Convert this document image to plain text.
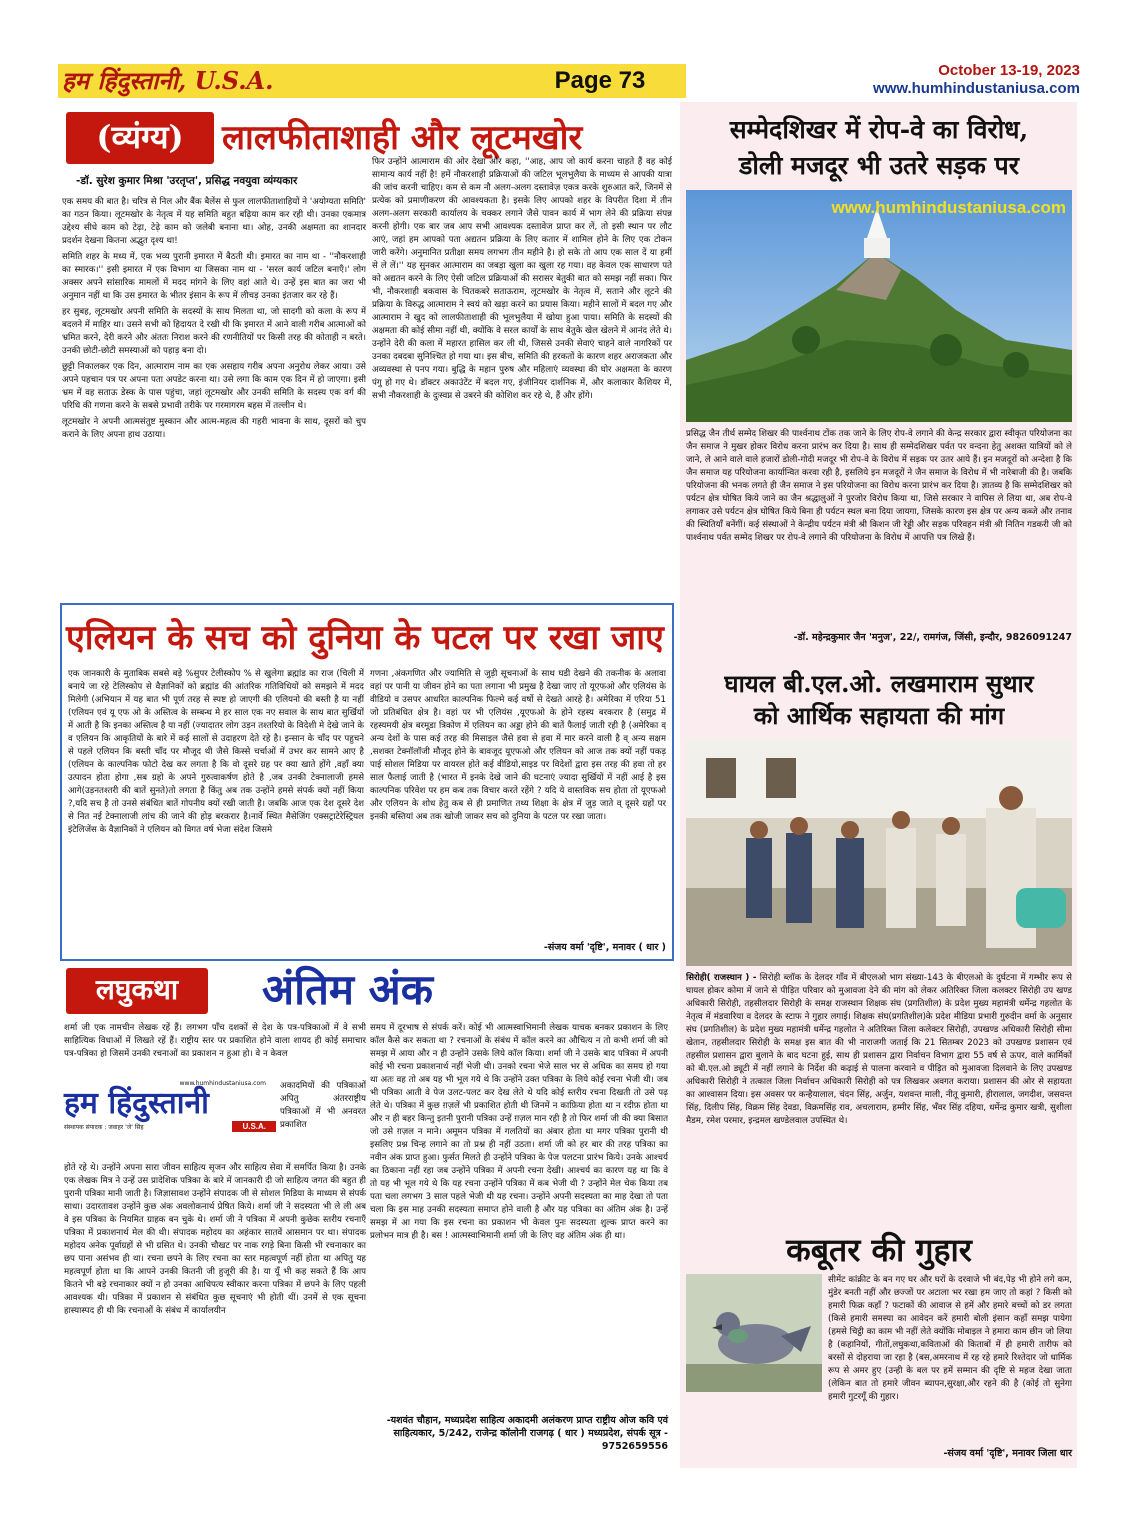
हम हिंदुस्तानी, U.S.A.	Page 73	October 13-19, 2023
www.humhindustaniusa.com
(व्यंग्य)	लालफीताशाही और लूटमखोर
-डॉ. सुरेश कुमार मिश्रा 'उरतृप्त', प्रसिद्ध नवयुवा व्यंग्यकार

एक समय की बात है। चरित्र से निल और बैंक बैलेंस से फुल लालफीताशाहियों ने 'अयोग्यता समिति' का गठन किया। लूटमखोर के नेतृत्व में यह समिति बहुत बढ़िया काम कर रही थी। उनका एकमात्र उद्देश्य सीधे काम को टेढ़ा, टेढ़े काम को जलेबी बनाना था। ओह, उनकी अक्षमता का शानदार प्रदर्शन देखना कितना अद्भुत दृश्य था!

समिति शहर के मध्य में, एक भव्य पुरानी इमारत में बैठती थी। इमारत का नाम था - ''नौकरशाही का स्मारक।'' इसी इमारत में एक विभाग था जिसका नाम था - 'सरल कार्य जटिल बनाएँ।' लोग अक्सर अपने सांसारिक मामलों में मदद मांगने के लिए वहां आते थे। उन्हें इस बात का जरा भी अनुमान नहीं था कि उस इमारत के भीतर इंसान के रूप में लीचड़ उनका इंतजार कर रहे हैं।

हर सुबह, लूटमखोर अपनी समिति के सदस्यों के साथ मिलता था, जो सादगी को कला के रूप में बदलने में माहिर था। उसने सभी को हिदायत दे रखी थी कि इमारत में आने वाली गरीब आत्माओं को भ्रमित करने, देरी करने और अंततः निराश करने की रणनीतियों पर किसी तरह की कोताही न बरते। उनकी छोटी-छोटी समस्याओं को पहाड़ बना दो।

छुट्टी निकालकर एक दिन, आत्माराम नाम का एक असहाय गरीब अपना अनुरोध लेकर आया। उसे अपने पहचान पत्र पर अपना पता अपडेट करना था। उसे लगा कि काम एक दिन में हो जाएगा। इसी भ्रम में वह सताऊ डेस्क के पास पहुंचा, जहां लूटमखोर और उनकी समिति के सदस्य एक वर्ग की परिधि की गणना करने के सबसे प्रभावी तरीके पर गरमागरम बहस में तल्लीन थे।

लूटमखोर ने अपनी आत्मसंतुष्ट मुस्कान और आत्म-महत्व की गहरी भावना के साथ, दूसरों को चुप कराने के लिए अपना हाथ उठाया।

फिर उन्होंने आत्माराम की ओर देखा और कहा, ''आह, आप जो कार्य करना चाहते हैं वह कोई सामान्य कार्य नहीं है! हमें नौकरशाही प्रक्रियाओं की जटिल भूलभुलैया के माध्यम से आपकी यात्रा की जांच करनी चाहिए। कम से कम नौ अलग-अलग दस्तावेज़ एकत्र करके शुरुआत करें, जिनमें से प्रत्येक को प्रमाणीकरण की आवश्यकता है। इसके लिए आपको शहर के विपरीत दिशा में तीन अलग-अलग सरकारी कार्यालय के चक्कर लगाने जैसे पावन कार्य में भाग लेने की प्रक्रिया संपन्न करनी होगी। एक बार जब आप सभी आवश्यक दस्तावेज प्राप्त कर लें, तो इसी स्थान पर लौट आएं, जहां हम आपको पता अद्यतन प्रक्रिया के लिए कतार में शामिल होने के लिए एक टोकन जारी करेंगे। अनुमानित प्रतीक्षा समय लगभग तीन महीने है। हो सके तो आप एक साल दें या हमीं से ले लें।'' यह सुनकर आत्माराम का जबड़ा खुला का खुला रह गया। वह केवल एक साधारण पते को अद्यतन करने के लिए ऐसी जटिल प्रक्रियाओं की सरासर बेतुकी बात को समझ नहीं सका। फिर भी, नौकरशाही बकवास के चितकबरे सताऊराम, लूटमखोर के नेतृत्व में, सताने और लूटने की प्रक्रिया के विरुद्ध आत्माराम ने स्वयं को खड़ा करने का प्रयास किया। महीने सालों में बदल गए और आत्माराम ने खुद को लालफीताशाही की भूलभुलैया में खोया हुआ पाया। समिति के सदस्यों की अक्षमता की कोई सीमा नहीं थी, क्योंकि वे सरल कार्यों के साथ बेतुके खेल खेलने में आनंद लेते थे। उन्होंने देरी की कला में महारत हासिल कर ली थी, जिससे उनकी सेवाएं चाहने वाले नागरिकों पर उनका दबदबा सुनिश्चित हो गया था। इस बीच, समिति की हरकतों के कारण शहर अराजकता और अव्यवस्था से पनप गया। बुद्धि के महान पुरुष और महिलाएं व्यवस्था की घोर अक्षमता के कारण पंगु हो गए थे। डॉक्टर अकाउंटेंट में बदल गए, इंजीनियर दार्शनिक में, और कलाकार कैशियर में, सभी नौकरशाही के दुःस्वप्न से उबरने की कोशिश कर रहे थे, हैं और होंगे।

एलियन के सच को दुनिया के पटल पर रखा जाए
एक जानकारी के मुताबिक सबसे बड़े %सुपर टेलीस्कोप % से खुलेगा ब्रह्मांड का राज (चिली में बनाये जा रहे टेलिस्कोप से वैज्ञानिकों को ब्रह्मांड की आंतरिक गतिविधियों को समझने में मदद मिलेगी (अभियान में यह बात भी पूर्ण तरह से स्पष्ट हो जाएगी की एलियनो की बस्ती है या नहीं (एलियन एवं यू एफ ओ के अस्तित्व के सम्बन्ध मे हर साल एक नए सवाल के साथ बात सुर्खियों में आती है कि इनका अस्तित्व है या नहीं (ज्यादातर लोग उड़न तश्तरियो के विदेशी मे देखे जाने के व एलियन कि आकृतियों के बारे में कई सालों से उदाहरण देते रहे है। इन्सान के चाँद पर पहुचने से पहले एलियन कि बस्ती चाँद पर मौजूद थी जैसे किस्से चर्चाओं में उभर कर सामने आए है (एलियन के काल्पनिक फोटो देख कर लगता है कि वो दूसरे ग्रह पर क्या खाते होंगे ,वहाँ क्या उत्पादन होता होगा ,सब ग्रहो के अपने गुरुत्वाकर्षण होते है ,जब उनकी टेक्नालाजी हमसे आगे(उड़नतश्तरी की बातें सुनते)तो लगता है किंतु अब तक उन्होंने हमसे संपर्क क्यों नहीं किया ?,यदि सच है तो उनसे संबंधित बातें गोपनीय क्यों रखी जाती है। जबकि आज एक देश दूसरे देश से नित नई टेक्नालाजी लांच की जाने की होड़ बरकरार है।नार्वे स्थित मैसेजिंग एक्सट्राटेरेस्ट्रियल इंटेलिजेंस के वैज्ञानिकों ने एलियन को विगत वर्ष भेजा संदेश जिसमे
गणना ,अंकगणित और ज्यामिति से जुड़ी सूचनाओं के साथ घडी देखने की तकनीक के अलावा वहां पर पानी या जीवन होने का पता लगाना भी प्रमुख है देखा जाए तो यूएफओ और एलियंस के वीडियो व उसपर आधरित काल्पनिक फिल्मे कई वर्षो से देखते आरहे है। अमेरिका में एरिया 51 जो प्रतिबंधित क्षेत्र है। वहां पर भी एलियंस ,यूएफओ के होने रहस्य बरकरार है (समुद्र में रहस्यमयी क्षेत्र बरमूडा त्रिकोण में एलियन का अड्डा होने की बातें फैलाई जाती रही है (अमेरिका व् अन्य देशों के पास कई तरह की मिसाइल जैसे हवा से हवा में मार करने वाली है व् अन्य सक्षम ,सशक्त टेक्नॉलॉजी मौजूद होने के बावजूद यूएफओ और एलियन को आज तक क्यों नहीं पकड़ पाई सोशल मिडिया पर वायरल होते कई वीडियो,साइड पर विदेशों द्वारा इस तरह की हवा तो हर साल फैलाई जाती है (भारत में इनके देखे जाने की घटनाएं ज्यादा सुर्खियों में नहीं आई है इस काल्पनिक परिवेश पर हम कब तक विचार करते रहेंगे ? यदि ये वास्तविक सच होता तो यूएफओ और एलियन के शोध हेतु कब से ही प्रमाणित तथ्य शिक्षा के क्षेत्र में जुड़ जाते व् दूसरे ग्रहों पर इनकी बस्तियां अब तक खोजी जाकर सच को दुनिया के पटल पर रखा जाता।
-संजय वर्मा 'दृष्टि', मनावर ( धार )
लघुकथा	अंतिम अंक
शर्मा जी एक नामचीन लेखक रहें हैं। लगभग पाँच दशकों से देश के पत्र-पत्रिकाओं में वे सभी साहित्यिक विधाओं में लिखते रहें हैं। राष्ट्रीय स्तर पर प्रकाशित होने वाला शायद ही कोई समाचार पत्र-पत्रिका हो जिसमें उनकी रचनाओं का प्रकाशन न हुआ हो। वे न केवल
www.humhindustaniusa.com
हम हिंदुस्तानी
संस्थापक संपादक : जवाहर 'जे' सिंह	U.S.A.
अकादमियों की पत्रिकाओं अपितु अंतरराष्ट्रीय पत्रिकाओं में भी अनवरत प्रकाशित
होते रहे थे। उन्होंने अपना सारा जीवन साहित्य सृजन और साहित्य सेवा में समर्पित किया है। उनके एक लेखक मित्र ने उन्हें उस प्रादेशिक पत्रिका के बारे में जानकारी दी जो साहित्य जगत की बहुत ही पुरानी पत्रिका मानी जाती है। जिज्ञासावश उन्होंने संपादक जी से सोशल मिडिया के माध्यम से संपर्क साधा। उदारतावश उन्होंने कुछ अंक अवलोकनार्थ प्रेषित किये। शर्मा जी ने सदस्यता भी ले ली अब वे इस पत्रिका के नियमित ग्राहक बन चुके थे। शर्मा जी ने पत्रिका में अपनी कुछेक स्तरीय रचनाएँ पत्रिका में प्रकाशनार्थ मेल की थी। संपादक महोदय का अहंकार सातवें आसमान पर था। संपादक महोदय अनेक पूर्वाग्रहों से भी ग्रसित थे। उनकी चौखट पर नाक रगड़े बिना किसी भी रचनाकार का छप पाना असंभव ही था। रचना छपने के लिए रचना का स्तर महत्वपूर्ण नहीं होता था अपितु यह महत्वपूर्ण होता था कि आपने उनकी कितनी जी हुजूरी की है। या यूँ भी कह सकते हैं कि आप कितने भी बड़े रचनाकार क्यों न हो उनका आधिपत्य स्वीकार करना पत्रिका में छपने के लिए पहली आवश्यक थी। पत्रिका में प्रकाशन से संबंधित कुछ सूचनाएं भी होती थीं। उनमें से एक सूचना हास्यास्पद ही थी कि रचनाओं के संबंध में कार्यालयीन
समय में दूरभाष से संपर्क करें। कोई भी आत्मस्वाभिमानी लेखक याचक बनकर प्रकाशन के लिए कॉल कैसे कर सकता था ? रचनाओं के संबंध में कॉल करने का औचित्य न तो कभी शर्मा जी को समझ में आया और न ही उन्होंने उसके लिये कॉल किया। शर्मा जी ने उसके बाद पत्रिका में अपनी कोई भी रचना प्रकाशनार्थ नहीं भेजी थी। उनको रचना भेजे साल भर से अधिक का समय हो गया था अतः वह तो अब यह भी भूल गये थे कि उन्होंने उक्त पत्रिका के लिये कोई रचना भेजी थी। जब भी पत्रिका आती वे पेज उलट-पलट कर देख लेते थे यदि कोई स्तरीय रचना दिखती तो उसे पढ़ लेते थे। पत्रिका में कुछ ग़ज़लें भी प्रकाशित होती थी जिनमें न काफ़िया होता था न रदीफ़ होता था और न ही बहर किन्तु इतनी पुरानी पत्रिका उन्हें ग़ज़ल मान रही है तो फिर शर्मा जी की क्या बिसात जो उसे ग़ज़ल न माने। अमूमन पत्रिका में गलतियों का अंबार होता था मगर पत्रिका पुरानी थी इसलिए प्रश्न चिन्ह लगाने का तो प्रश्न ही नहीं उठता। शर्मा जी को हर बार की तरह पत्रिका का नवीन अंक प्राप्त हुआ। फुर्सत मिलते ही उन्होंने पत्रिका के पेज पलटना प्रारंभ किये। उनके आश्चर्य का ठिकाना नहीं रहा जब उन्होंने पत्रिका में अपनी रचना देखी। आश्चर्य का कारण यह था कि वे तो यह भी भूल गये थे कि यह रचना उन्होंने पत्रिका में कब भेजी थी ? उन्होंने मेल चेक किया तब पता चला लगभग 3 साल पहले भेजी थी यह रचना। उन्होंने अपनी सदस्यता का माह देखा तो पता चला कि इस माह उनकी सदस्यता समाप्त होने वाली है और यह पत्रिका का अंतिम अंक है। उन्हें समझ में आ गया कि इस रचना का प्रकाशन भी केवल पुनः सदस्यता शुल्क प्राप्त करने का प्रलोभन मात्र ही है। बस ! आत्मस्वाभिमानी शर्मा जी के लिए वह अंतिम अंक ही था।
-यशवंत चौहान, मध्यप्रदेश साहित्य अकादमी अलंकरण प्राप्त राष्ट्रीय ओज कवि एवं साहित्यकार, 5/242, राजेन्द्र कॉलोनी राजगढ़ ( धार ) मध्यप्रदेश, संपर्क सूत्र - 9752659556
सम्मेदशिखर में रोप-वे का विरोध,
डोली मजदूर भी उतरे सड़क पर
www.humhindustaniusa.com
प्रसिद्ध जैन तीर्थ सम्मेद शिखर की पार्श्वनाथ टोंक तक जाने के लिए रोप-वे लगाने की केन्द्र सरकार द्वारा स्वीकृत परियोजना का जैन समाज ने मुखर होकर विरोध करना प्रारंभ कर दिया है। साथ ही सम्मेदशिखर पर्वत पर वन्दना हेतु अशक्त यात्रियों को ले जाने, ले आने वाले वाले हजारों डोली-गोदी मजदूर भी रोप-वे के विरोध में सड़क पर उतर आये हैं। इन मजदूरों को अन्देशा है कि जैन समाज यह परियोजना कार्यान्वित करवा रही है, इसलिये इन मजदूरों ने जैन समाज के विरोध में भी नारेबाजी की है। जबकि परियोजना की भनक लगते ही जैन समाज ने इस परियोजना का विरोध करना प्रारंभ कर दिया है। ज्ञातव्य है कि सम्मेदशिखर को पर्यटन क्षेत्र घोषित किये जाने का जैन श्रद्धालुओं ने पुरजोर विरोध किया था, जिसे सरकार ने वापिस ले लिया था, अब रोप-वे लगाकर उसे पर्यटन क्षेत्र घोषित किये बिना ही पर्यटन स्थल बना दिया जायगा, जिसके कारण इस क्षेत्र पर अन्य कब्जे और तनाव की स्थितियाँ बनेंगीं। कई संस्थाओं ने केन्द्रीय पर्यटन मंत्री श्री किशन जी रेड्डी और सड़क परिवहन मंत्री श्री नितिन गडकरी जी को पार्श्वनाथ पर्वत सम्मेद शिखर पर रोप-वे लगाने की परियोजना के विरोध में आपत्ति पत्र लिखे हैं।
-डॉ. महेन्द्रकुमार जैन 'मनुज', 22/, रामगंज, जिंसी, इन्दौर, 9826091247
घायल बी.एल.ओ. लखमाराम सुथार
को आर्थिक सहायता की मांग
सिरोही( राजस्थान ) - सिरोही ब्लॉक के देलदर गाँव में बीएलओ भाग संख्या-143 के बीएलओ के दुर्घटना में गम्भीर रूप से घायल होकर कोमा में जाने से पीड़ित परिवार को मुआवजा देने की मांग को लेकर अतिरिक्त जिला कलक्टर सिरोही उप खण्ड अधिकारी सिरोही, तहसीलदार सिरोही के समक्ष राजस्थान शिक्षक संघ (प्रगतिशील) के प्रदेश मुख्य महामंत्री धर्मेन्द्र गहलोत के नेतृत्व में मंडवारिया व देलदर के स्टाफ ने गुहार लगाई। शिक्षक संघ(प्रगतिशील)के प्रदेश मीडिया प्रभारी गुरुदीन वर्मा के अनुसार संघ (प्रगतिशील) के प्रदेश मुख्य महामंत्री धर्मेन्द्र गहलोत ने अतिरिक्त जिला कलेक्टर सिरोही, उपखण्ड अधिकारी सिरोही सीमा खेतान, तहसीलदार सिरोही के समक्ष इस बात की भी नाराजगी जताई कि 21 सितम्बर 2023 को उपखण्ड प्रशासन एवं तहसील प्रशासन द्वारा बुलाने के बाद घटना हुई, साथ ही प्रशासन द्वारा निर्वाचन विभाग द्वारा 55 वर्ष से ऊपर, वाले कार्मिकों को बी.एल.ओ ड्यूटी में नहीं लगाने के निर्देश की कढ़ाई से पालना करवाने व पीड़ित को मुआवजा दिलवाने के लिए उपखण्ड अधिकारी सिरोही ने तत्काल जिला निर्वाचन अधिकारी सिरोही को पत्र लिखकर अवगत कराया। प्रशासन की ओर से सहायता का आश्वासन दिया। इस अवसर पर कन्हैयालाल, चंदन सिंह, अर्जुन, यशवन्त माली, नीतू कुमारी, हीरालाल, जगदीश, जसवन्त सिंह, दिलीप सिंह, विक्रम सिंह देवडा, विक्रमसिंह राव, अचलाराम, हम्मीर सिंह, भँवर सिंह दहिया, धर्मेन्द्र कुमार खत्री, सुशीला मैडम, रमेश परमार, इन्द्रमल खण्डेलवाल उपस्थित थे।
कबूतर की गुहार
सीमेंट कांक्रीट के बन गए घर और घरों के दरवाजे भी बंद,पेड़ भी होने लगे कम, मुंडेर बनती नहीं और छज्जों पर अटाला भर रखा हम जाए तो कहां ? किसी को हमारी फिक्र कहाँ ? फटाकों की आवाज से हमें और हमारे बच्चों को डर लगता (किसे हमारी समस्या का आवेदन करें हमारी बोली इंसान कहाँ समझ पायेगा (हमसे चिट्ठी का काम भी नहीं लेते क्योंकि मोबाइल ने हमारा काम छीन जो लिया है (कहानियों, गीतों,लघुकथा,कविताओं की किताबों में ही हमारी तारीफ को बरसों से दोहराया जा रहा है (बस,अमरनाथ में रह रहे हमारे रिश्तेदार जो धार्मिक रूप से अमर हुए (उन्ही के बल पर हमें सम्मान की दृष्टि से महज देखा जाता (लेकिन बात तो हमारे जीवन ब्यापन,सुरक्षा,और रहने की है (कोई तो सुनेगा हमारी गुटरगूँ की गुहार।
-संजय वर्मा 'दृष्टि', मनावर जिला धार
